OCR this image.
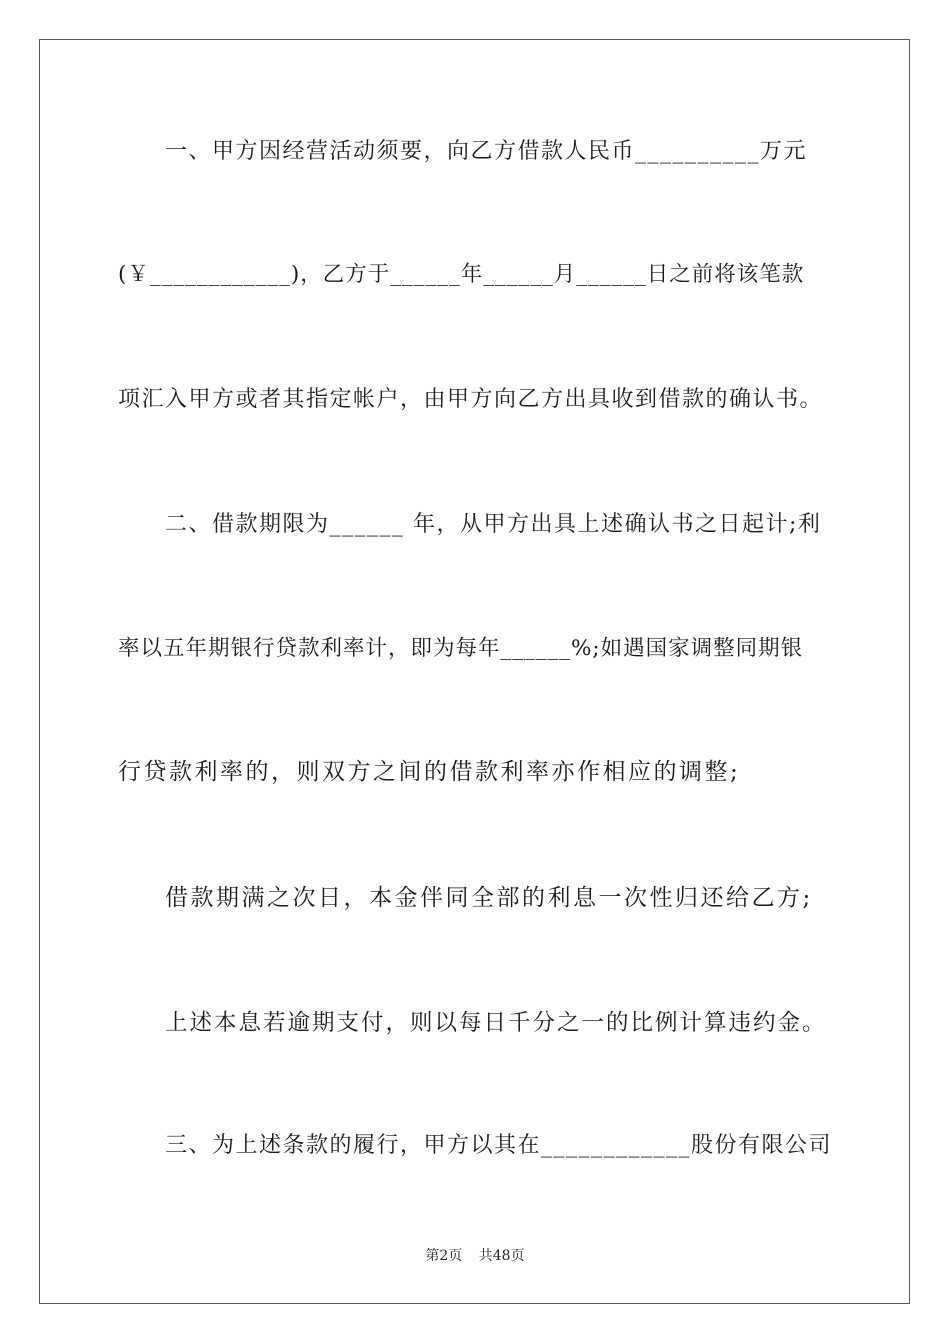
一、甲方因经营活动须要，向乙方借款人民币__________万元
(￥____________)，乙方于______年______月______日之前将该笔款
项汇入甲方或者其指定帐户，由甲方向乙方出具收到借款的确认书。
二、借款期限为______ 年，从甲方出具上述确认书之日起计;利
率以五年期银行贷款利率计，即为每年______%;如遇国家调整同期银
行贷款利率的，则双方之间的借款利率亦作相应的调整;
借款期满之次日，本金伴同全部的利息一次性归还给乙方;
上述本息若逾期支付，则以每日千分之一的比例计算违约金。
三、为上述条款的履行，甲方以其在____________股份有限公司
第2页 共48页
